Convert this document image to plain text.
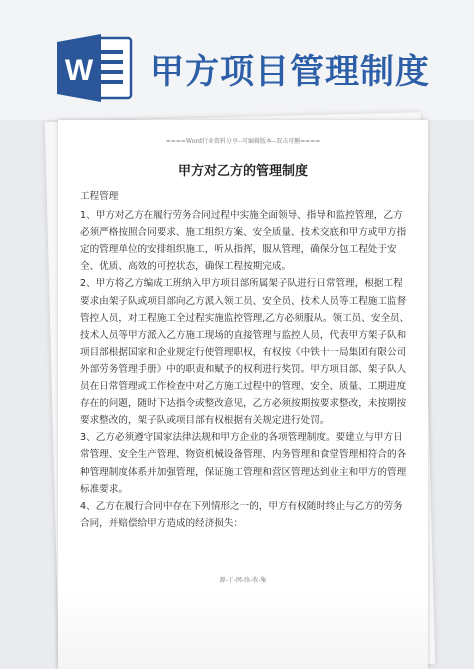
W 甲方项目管理制度
====Word行业资料分享--可编辑版本--双击可删====
甲方对乙方的管理制度

工程管理

1、甲方对乙方在履行劳务合同过程中实施全面领导、指导和监控管理，乙方必须严格按照合同要求、施工组织方案、安全质量、技术交底和甲方或甲方指定的管理单位的安排组织施工，听从指挥，服从管理，确保分包工程处于安全、优质、高效的可控状态，确保工程按期完成。

2、甲方将乙方编成工班纳入甲方项目部所属架子队进行日常管理，根据工程要求由架子队或项目部向乙方派入领工员、安全员、技术人员等工程施工监督管控人员，对工程施工全过程实施监控管理,乙方必须服从。领工员、安全员、技术人员等甲方派入乙方施工现场的直接管理与监控人员，代表甲方架子队和项目部根据国家和企业规定行使管理职权，有权按《中铁十一局集团有限公司外部劳务管理手册》中的职责和赋予的权利进行奖罚。甲方项目部、架子队人员在日常管理或工作检查中对乙方施工过程中的管理、安全、质量、工期进度存在的问题，随时下达指令或整改意见，乙方必须按期按要求整改，未按期按要求整改的，架子队或项目部有权根据有关规定进行处罚。

3、乙方必须遵守国家法律法规和甲方企业的各项管理制度。要建立与甲方日常管理、安全生产管理、物资机械设备管理、内务管理和食堂管理相符合的各种管理制度体系并加强管理，保证施工管理和营区管理达到业主和甲方的管理标准要求。

4、乙方在履行合同中存在下列情形之一的，甲方有权随时终止与乙方的劳务合同，并赔偿给甲方造成的经济损失：

源-于-网-络-收-集
